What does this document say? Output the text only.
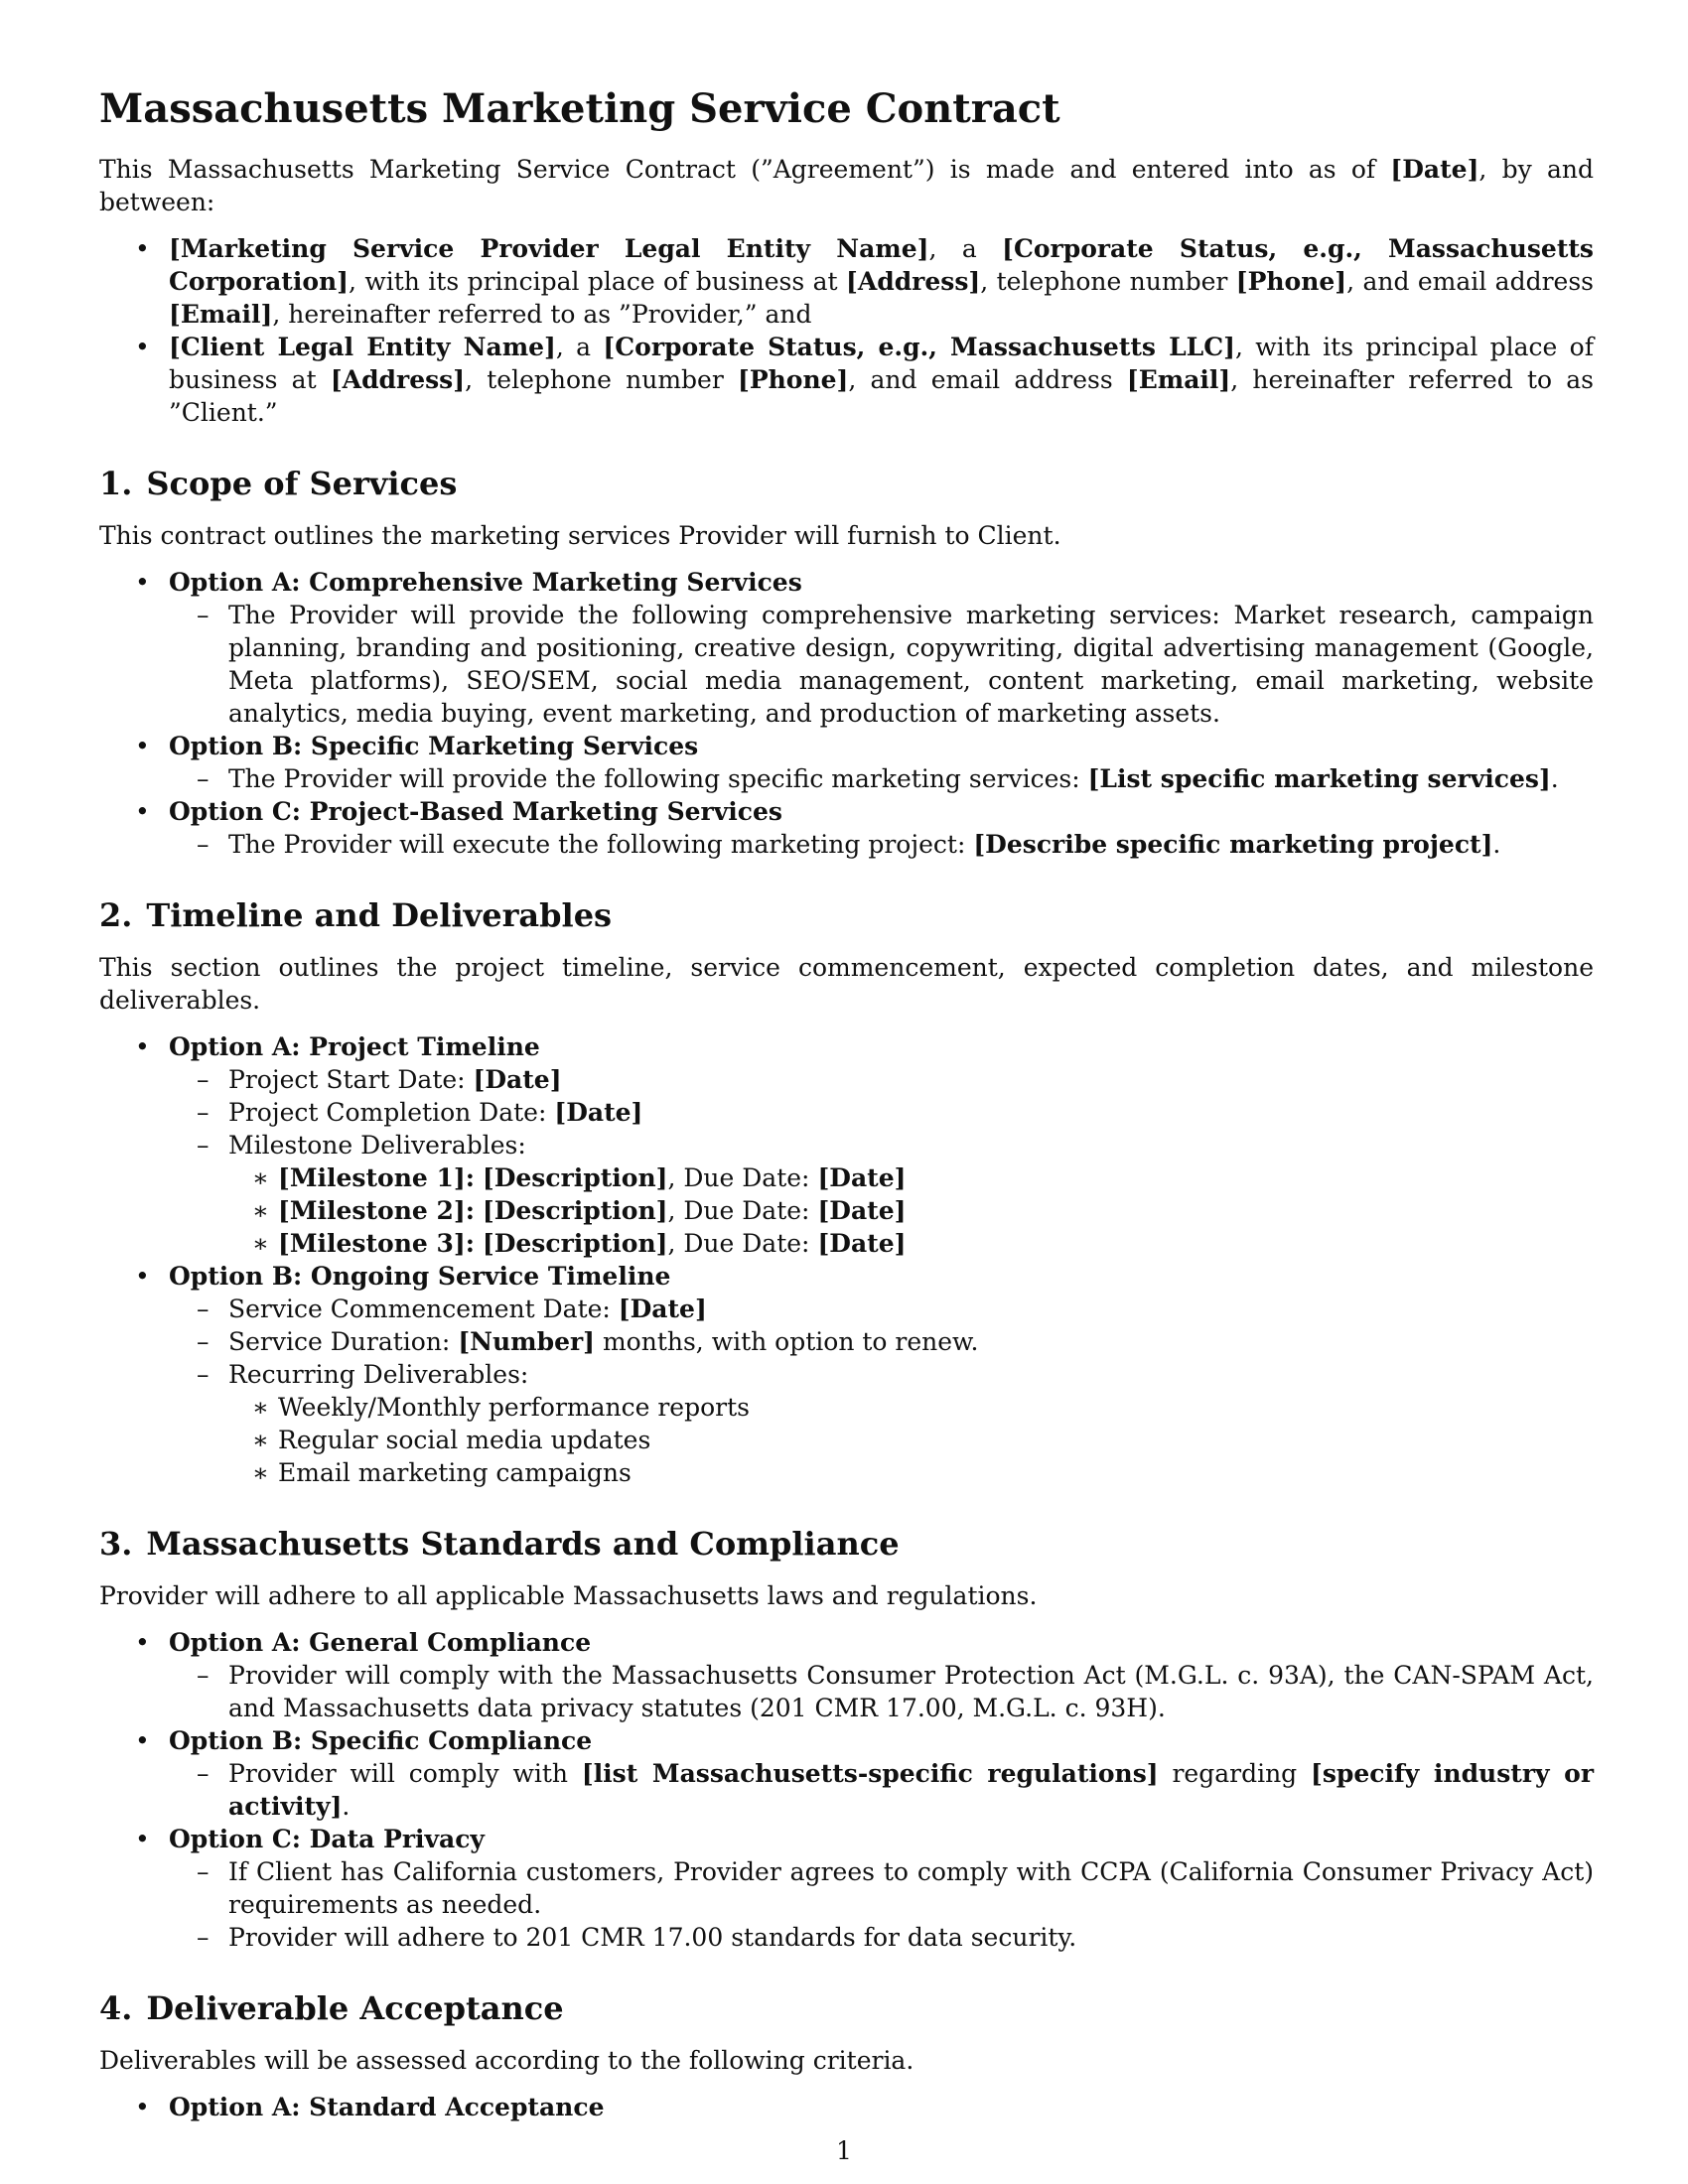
Massachusetts Marketing Service Contract

This Massachusetts Marketing Service Contract (”Agreement”) is made and entered into as of [Date], by and between:

• [Marketing Service Provider Legal Entity Name], a [Corporate Status, e.g., Massachusetts Corporation], with its principal place of business at [Address], telephone number [Phone], and email address [Email], hereinafter referred to as ”Provider,” and
• [Client Legal Entity Name], a [Corporate Status, e.g., Massachusetts LLC], with its principal place of business at [Address], telephone number [Phone], and email address [Email], hereinafter referred to as ”Client.”
1. Scope of Services

This contract outlines the marketing services Provider will furnish to Client.

• Option A: Comprehensive Marketing Services
– The Provider will provide the following comprehensive marketing services: Market research, campaign planning, branding and positioning, creative design, copywriting, digital advertising management (Google, Meta platforms), SEO/SEM, social media management, content marketing, email marketing, website analytics, media buying, event marketing, and production of marketing assets.
• Option B: Specific Marketing Services
– The Provider will provide the following specific marketing services: [List specific marketing services].
• Option C: Project-Based Marketing Services
– The Provider will execute the following marketing project: [Describe specific marketing project].
2. Timeline and Deliverables

This section outlines the project timeline, service commencement, expected completion dates, and milestone deliverables.

• Option A: Project Timeline
– Project Start Date: [Date]
– Project Completion Date: [Date]
– Milestone Deliverables:
∗ [Milestone 1]: [Description], Due Date: [Date]
∗ [Milestone 2]: [Description], Due Date: [Date]
∗ [Milestone 3]: [Description], Due Date: [Date]
• Option B: Ongoing Service Timeline
– Service Commencement Date: [Date]
– Service Duration: [Number] months, with option to renew.
– Recurring Deliverables:
∗ Weekly/Monthly performance reports
∗ Regular social media updates
∗ Email marketing campaigns
3. Massachusetts Standards and Compliance

Provider will adhere to all applicable Massachusetts laws and regulations.

• Option A: General Compliance
– Provider will comply with the Massachusetts Consumer Protection Act (M.G.L. c. 93A), the CAN-SPAM Act, and Massachusetts data privacy statutes (201 CMR 17.00, M.G.L. c. 93H).
• Option B: Specific Compliance
– Provider will comply with [list Massachusetts-specific regulations] regarding [specify industry or activity].
• Option C: Data Privacy
– If Client has California customers, Provider agrees to comply with CCPA (California Consumer Privacy Act) requirements as needed.
– Provider will adhere to 201 CMR 17.00 standards for data security.
4. Deliverable Acceptance

Deliverables will be assessed according to the following criteria.

• Option A: Standard Acceptance
1
